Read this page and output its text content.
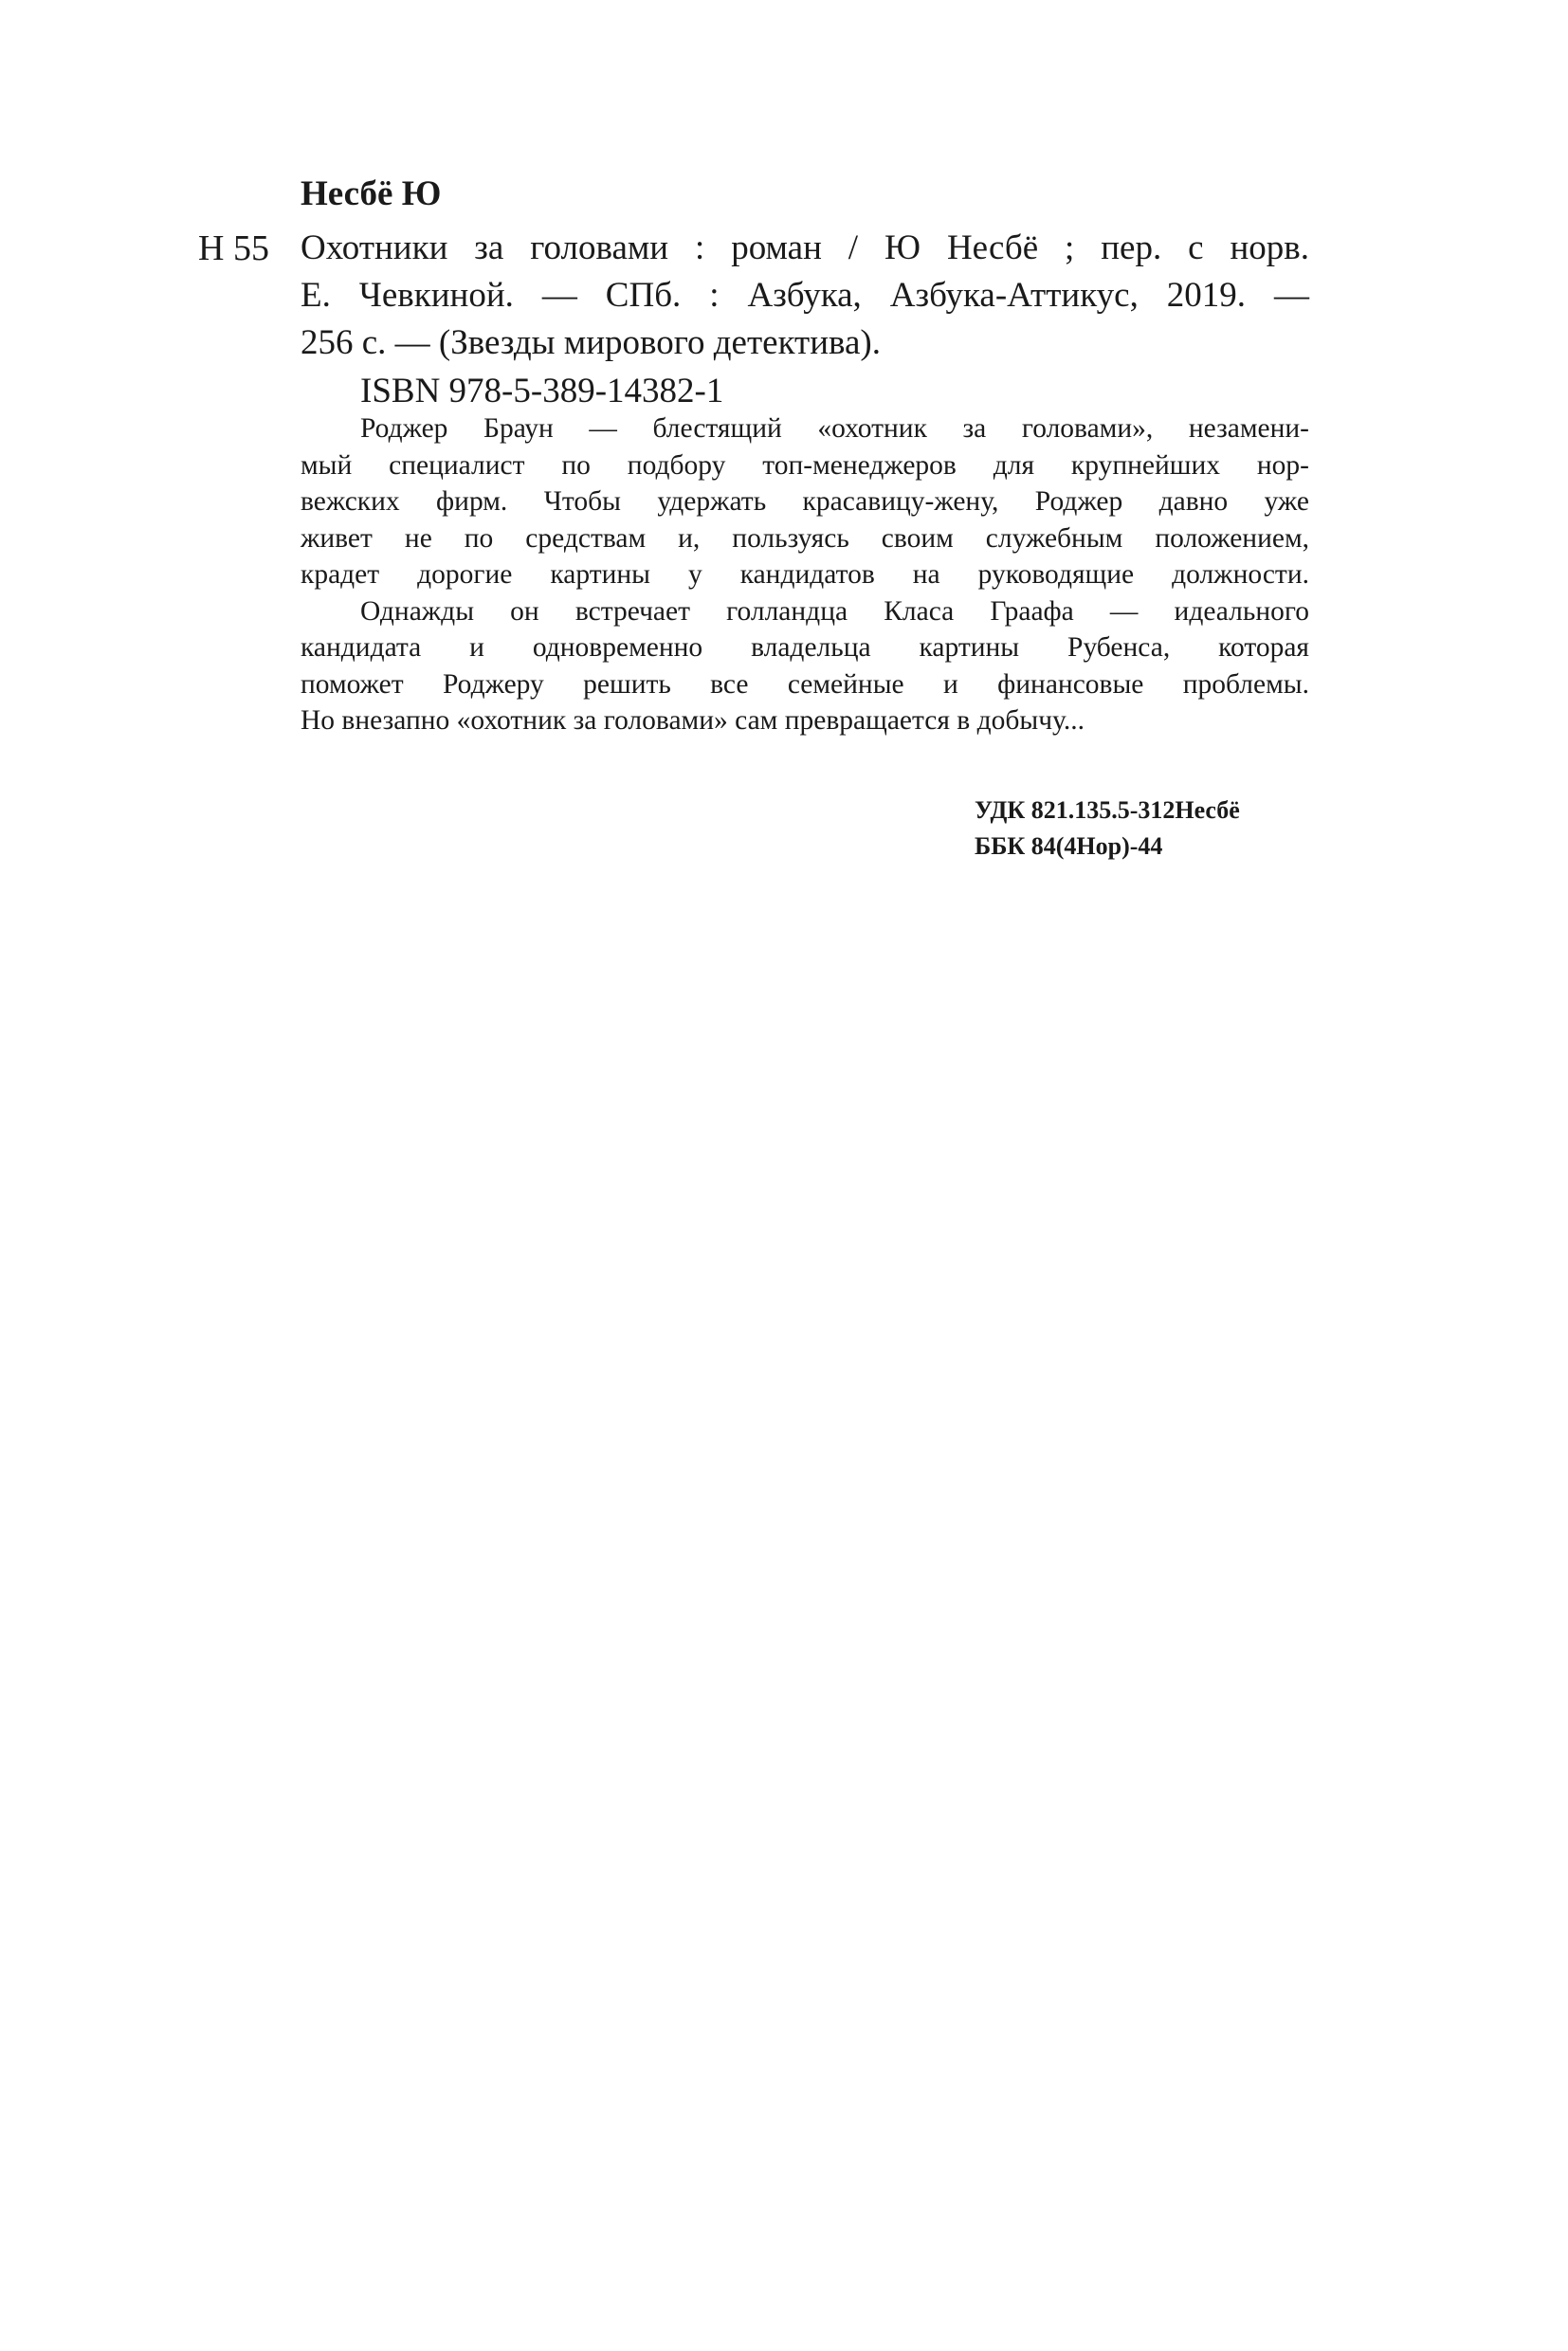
Несбё Ю
Н 55 Охотники за головами : роман / Ю Несбё ; пер. с норв.
Е. Чевкиной. — СПб. : Азбука, Азбука-Аттикус, 2019. —
256 с. — (Звезды мирового детектива).
ISBN 978-5-389-14382-1
Роджер Браун — блестящий «охотник за головами», незамени-
мый специалист по подбору топ-менеджеров для крупнейших нор-
вежских фирм. Чтобы удержать красавицу-жену, Роджер давно уже
живет не по средствам и, пользуясь своим служебным положением,
крадет дорогие картины у кандидатов на руководящие должности.
Однажды он встречает голландца Класа Граафа — идеального
кандидата и одновременно владельца картины Рубенса, которая
поможет Роджеру решить все семейные и финансовые проблемы.
Но внезапно «охотник за головами» сам превращается в добычу...
УДК 821.135.5-312Несбё
ББК 84(4Нор)-44
